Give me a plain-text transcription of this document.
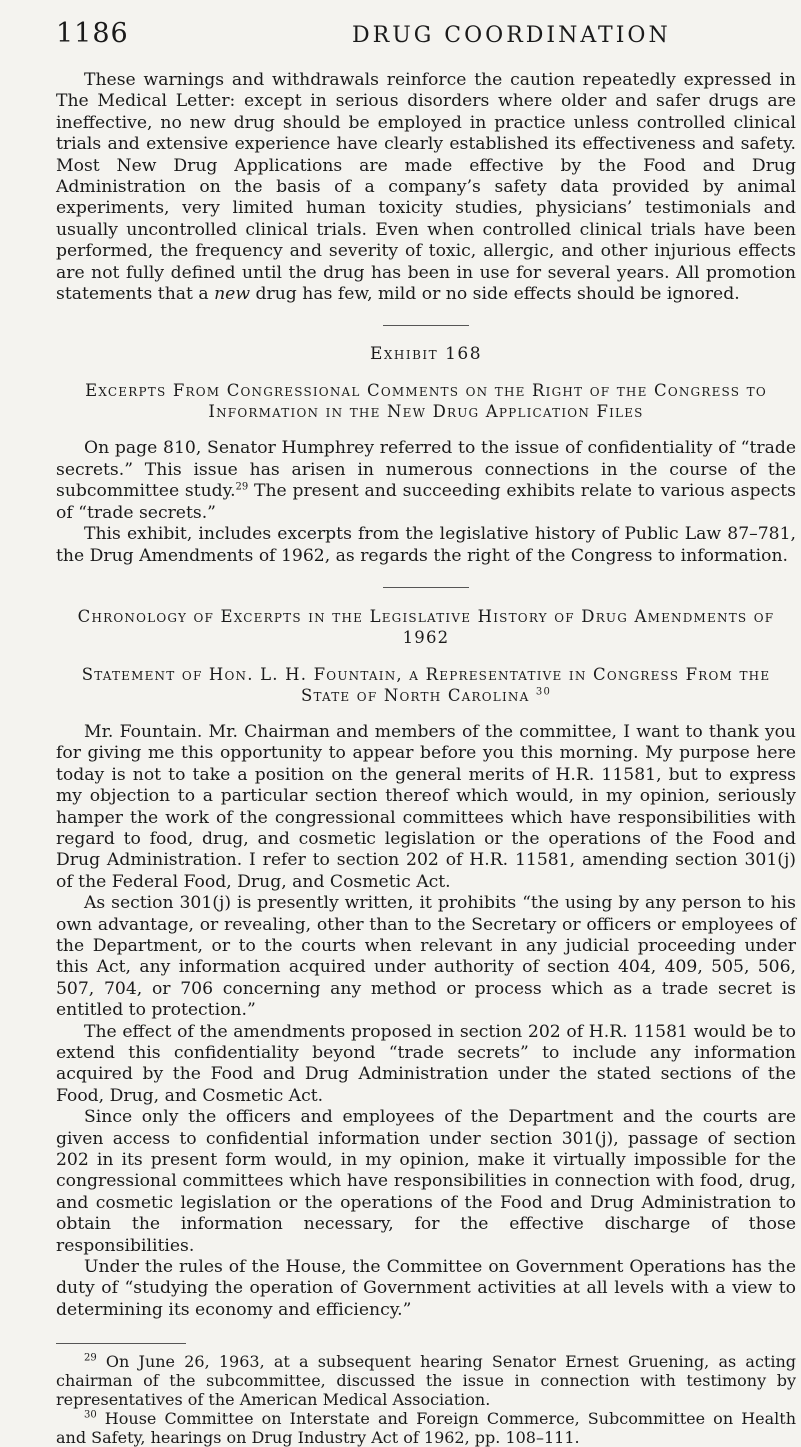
1186	DRUG COORDINATION

These warnings and withdrawals reinforce the caution repeatedly expressed in The Medical Letter: except in serious disorders where older and safer drugs are ineffective, no new drug should be employed in practice unless controlled clinical trials and extensive experience have clearly established its effectiveness and safety. Most New Drug Applications are made effective by the Food and Drug Administration on the basis of a company’s safety data provided by animal experiments, very limited human toxicity studies, physicians’ testimonials and usually uncontrolled clinical trials. Even when controlled clinical trials have been performed, the frequency and severity of toxic, allergic, and other injurious effects are not fully defined until the drug has been in use for several years. All promotion statements that a new drug has few, mild or no side effects should be ignored.

Exhibit 168
Excerpts From Congressional Comments on the Right of the Congress to Information in the New Drug Application Files

On page 810, Senator Humphrey referred to the issue of confidentiality of “trade secrets.” This issue has arisen in numerous connections in the course of the subcommittee study.$^{29}$ The present and succeeding exhibits relate to various aspects of “trade secrets.”

This exhibit, includes excerpts from the legislative history of Public Law 87–781, the Drug Amendments of 1962, as regards the right of the Congress to information.

Chronology of Excerpts in the Legislative History of Drug Amendments of 1962
Statement of Hon. L. H. Fountain, a Representative in Congress From the State of North Carolina $^{30}$

Mr. Fountain. Mr. Chairman and members of the committee, I want to thank you for giving me this opportunity to appear before you this morning. My purpose here today is not to take a position on the general merits of H.R. 11581, but to express my objection to a particular section thereof which would, in my opinion, seriously hamper the work of the congressional committees which have responsibilities with regard to food, drug, and cosmetic legislation or the operations of the Food and Drug Administration. I refer to section 202 of H.R. 11581, amending section 301(j) of the Federal Food, Drug, and Cosmetic Act.

As section 301(j) is presently written, it prohibits “the using by any person to his own advantage, or revealing, other than to the Secretary or officers or employees of the Department, or to the courts when relevant in any judicial proceeding under this Act, any information acquired under authority of section 404, 409, 505, 506, 507, 704, or 706 concerning any method or process which as a trade secret is entitled to protection.”

The effect of the amendments proposed in section 202 of H.R. 11581 would be to extend this confidentiality beyond “trade secrets” to include any information acquired by the Food and Drug Administration under the stated sections of the Food, Drug, and Cosmetic Act.

Since only the officers and employees of the Department and the courts are given access to confidential information under section 301(j), passage of section 202 in its present form would, in my opinion, make it virtually impossible for the congressional committees which have responsibilities in connection with food, drug, and cosmetic legislation or the operations of the Food and Drug Administration to obtain the information necessary, for the effective discharge of those responsibilities.

Under the rules of the House, the Committee on Government Operations has the duty of “studying the operation of Government activities at all levels with a view to determining its economy and efficiency.”

$^{29}$ On June 26, 1963, at a subsequent hearing Senator Ernest Gruening, as acting chairman of the subcommittee, discussed the issue in connection with testimony by representatives of the American Medical Association.

$^{30}$ House Committee on Interstate and Foreign Commerce, Subcommittee on Health and Safety, hearings on Drug Industry Act of 1962, pp. 108–111.
